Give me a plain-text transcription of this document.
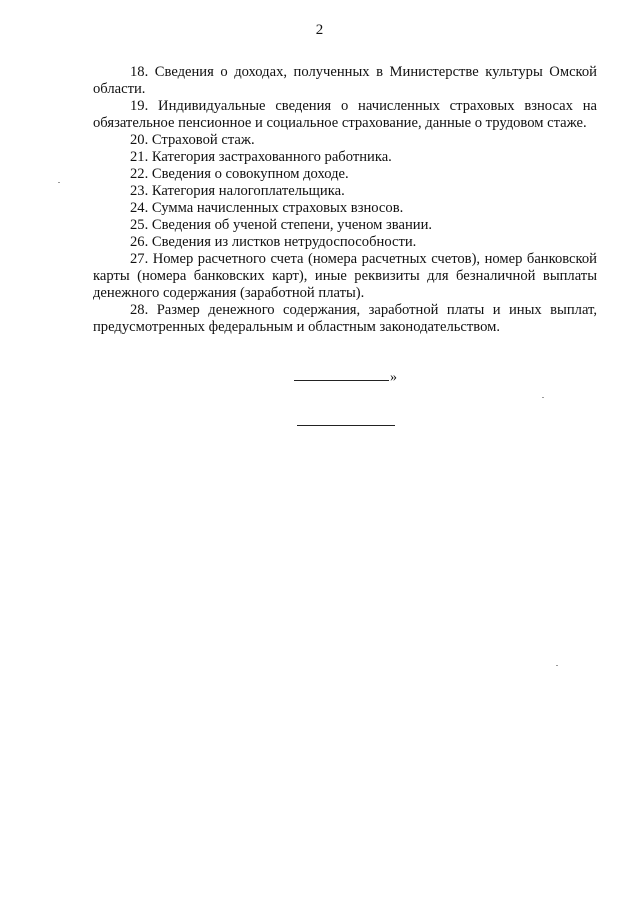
2

18. Сведения о доходах, полученных в Министерстве культуры Омской области.

19. Индивидуальные сведения о начисленных страховых взносах на обязательное пенсионное и социальное страхование, данные о трудовом стаже.

20. Страховой стаж.

21. Категория застрахованного работника.

22. Сведения о совокупном доходе.

23. Категория налогоплательщика.

24. Сумма начисленных страховых взносов.

25. Сведения об ученой степени, ученом звании.

26. Сведения из листков нетрудоспособности.

27. Номер расчетного счета (номера расчетных счетов), номер банковской карты (номера банковских карт), иные реквизиты для безналичной выплаты денежного содержания (заработной платы).

28. Размер денежного содержания, заработной платы и иных выплат, предусмотренных федеральным и областным законодательством.

»
